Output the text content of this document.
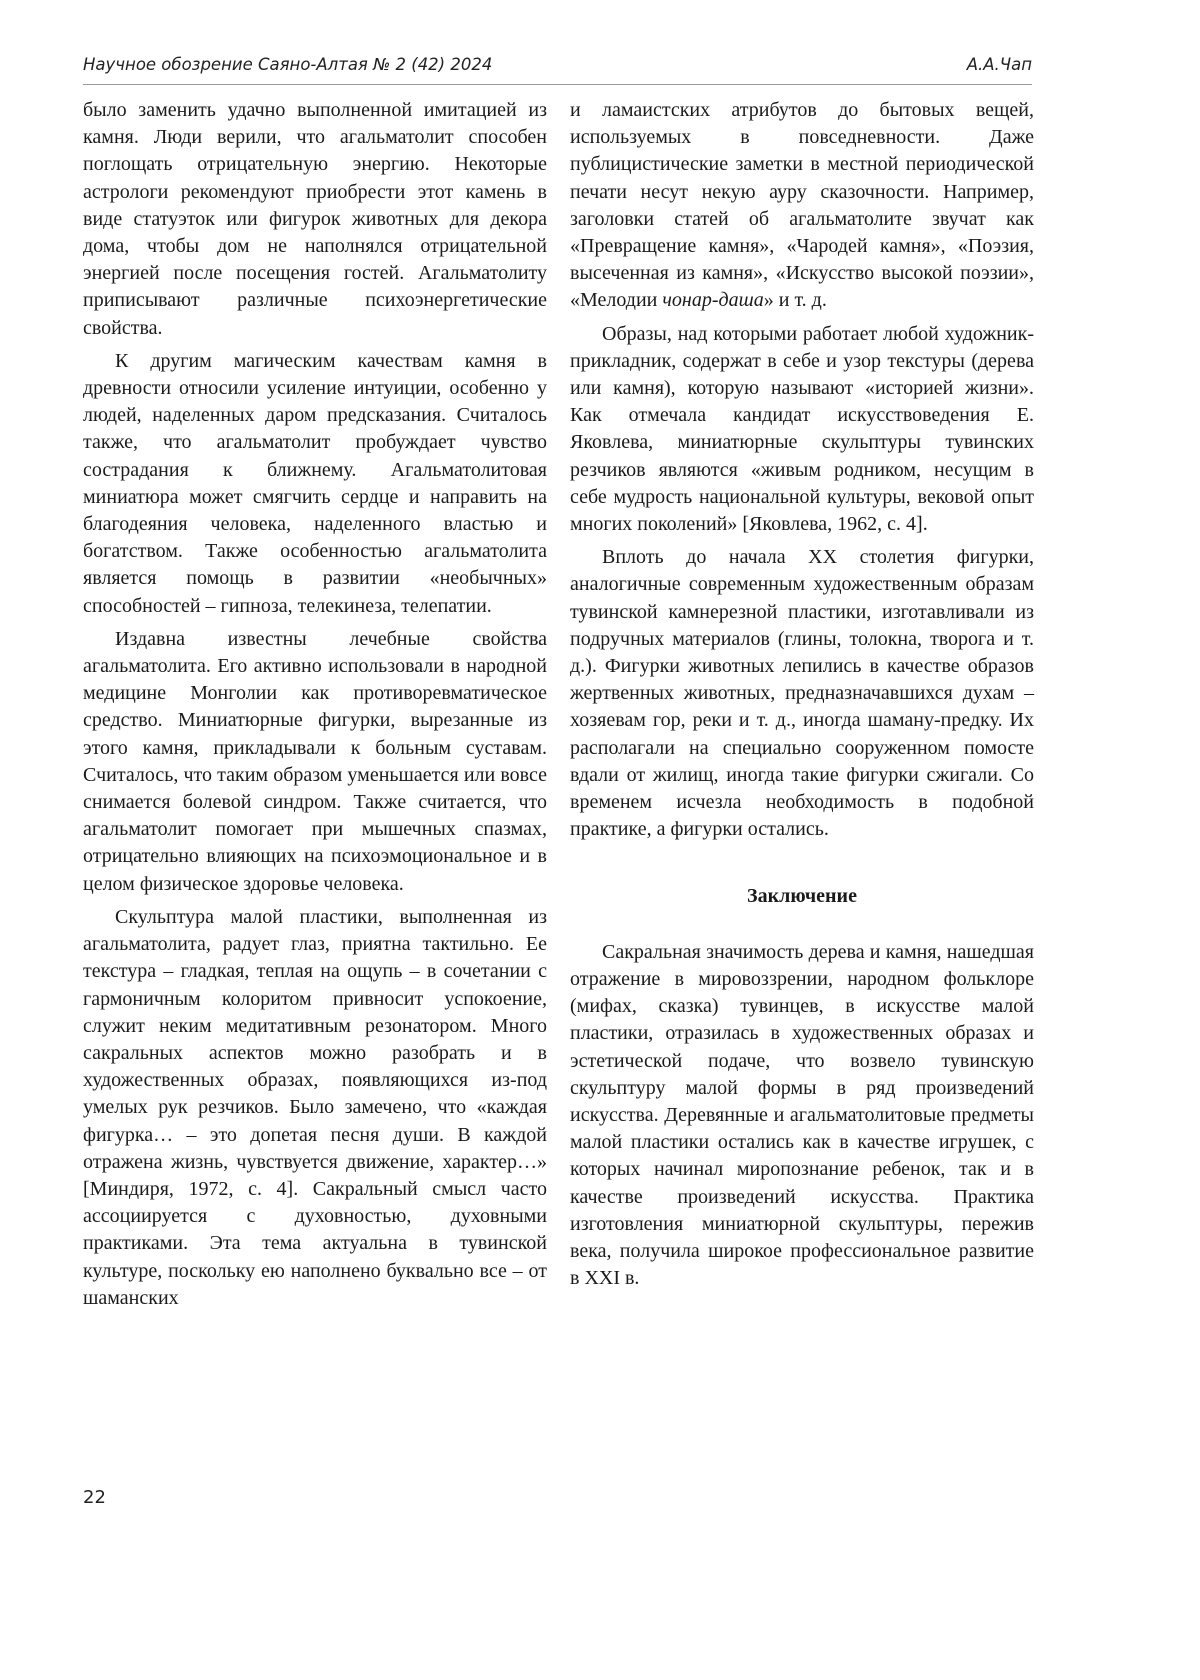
Научное обозрение Саяно-Алтая № 2 (42) 2024	А.А.Чап

было заменить удачно выполненной имитацией из камня. Люди верили, что агальматолит способен поглощать отрицательную энергию. Некоторые астрологи рекомендуют приобрести этот камень в виде статуэток или фигурок животных для декора дома, чтобы дом не наполнялся отрицательной энергией после посещения гостей. Агальматолиту приписывают различные психоэнергетические свойства.

К другим магическим качествам камня в древности относили усиление интуиции, особенно у людей, наделенных даром предсказания. Считалось также, что агальматолит пробуждает чувство сострадания к ближнему. Агальматолитовая миниатюра может смягчить сердце и направить на благодеяния человека, наделенного властью и богатством. Также особенностью агальматолита является помощь в развитии «необычных» способностей – гипноза, телекинеза, телепатии.

Издавна известны лечебные свойства агальматолита. Его активно использовали в народной медицине Монголии как противоревматическое средство. Миниатюрные фигурки, вырезанные из этого камня, прикладывали к больным суставам. Считалось, что таким образом уменьшается или вовсе снимается болевой синдром. Также считается, что агальматолит помогает при мышечных спазмах, отрицательно влияющих на психоэмоциональное и в целом физическое здоровье человека.

Скульптура малой пластики, выполненная из агальматолита, радует глаз, приятна тактильно. Ее текстура – гладкая, теплая на ощупь – в сочетании с гармоничным колоритом привносит успокоение, служит неким медитативным резонатором. Много сакральных аспектов можно разобрать и в художественных образах, появляющихся из-под умелых рук резчиков. Было замечено, что «каждая фигурка… – это допетая песня души. В каждой отражена жизнь, чувствуется движение, характер…» [Миндиря, 1972, с. 4]. Сакральный смысл часто ассоциируется с духовностью, духовными практиками. Эта тема актуальна в тувинской культуре, поскольку ею наполнено буквально все – от шаманских

и ламаистских атрибутов до бытовых вещей, используемых в повседневности. Даже публицистические заметки в местной периодической печати несут некую ауру сказочности. Например, заголовки статей об агальматолите звучат как «Превращение камня», «Чародей камня», «Поэзия, высеченная из камня», «Искусство высокой поэзии», «Мелодии чонар-даша» и т. д.

Образы, над которыми работает любой художник-прикладник, содержат в себе и узор текстуры (дерева или камня), которую называют «историей жизни». Как отмечала кандидат искусствоведения Е. Яковлева, миниатюрные скульптуры тувинских резчиков являются «живым родником, несущим в себе мудрость национальной культуры, вековой опыт многих поколений» [Яковлева, 1962, с. 4].

Вплоть до начала XX столетия фигурки, аналогичные современным художественным образам тувинской камнерезной пластики, изготавливали из подручных материалов (глины, толокна, творога и т. д.). Фигурки животных лепились в качестве образов жертвенных животных, предназначавшихся духам – хозяевам гор, реки и т. д., иногда шаману-предку. Их располагали на специально сооруженном помосте вдали от жилищ, иногда такие фигурки сжигали. Со временем исчезла необходимость в подобной практике, а фигурки остались.

Заключение

Сакральная значимость дерева и камня, нашедшая отражение в мировоззрении, народном фольклоре (мифах, сказка) тувинцев, в искусстве малой пластики, отразилась в художественных образах и эстетической подаче, что возвело тувинскую скульптуру малой формы в ряд произведений искусства. Деревянные и агальматолитовые предметы малой пластики остались как в качестве игрушек, с которых начинал миропознание ребенок, так и в качестве произведений искусства. Практика изготовления миниатюрной скульптуры, пережив века, получила широкое профессиональное развитие в XXI в.

22
